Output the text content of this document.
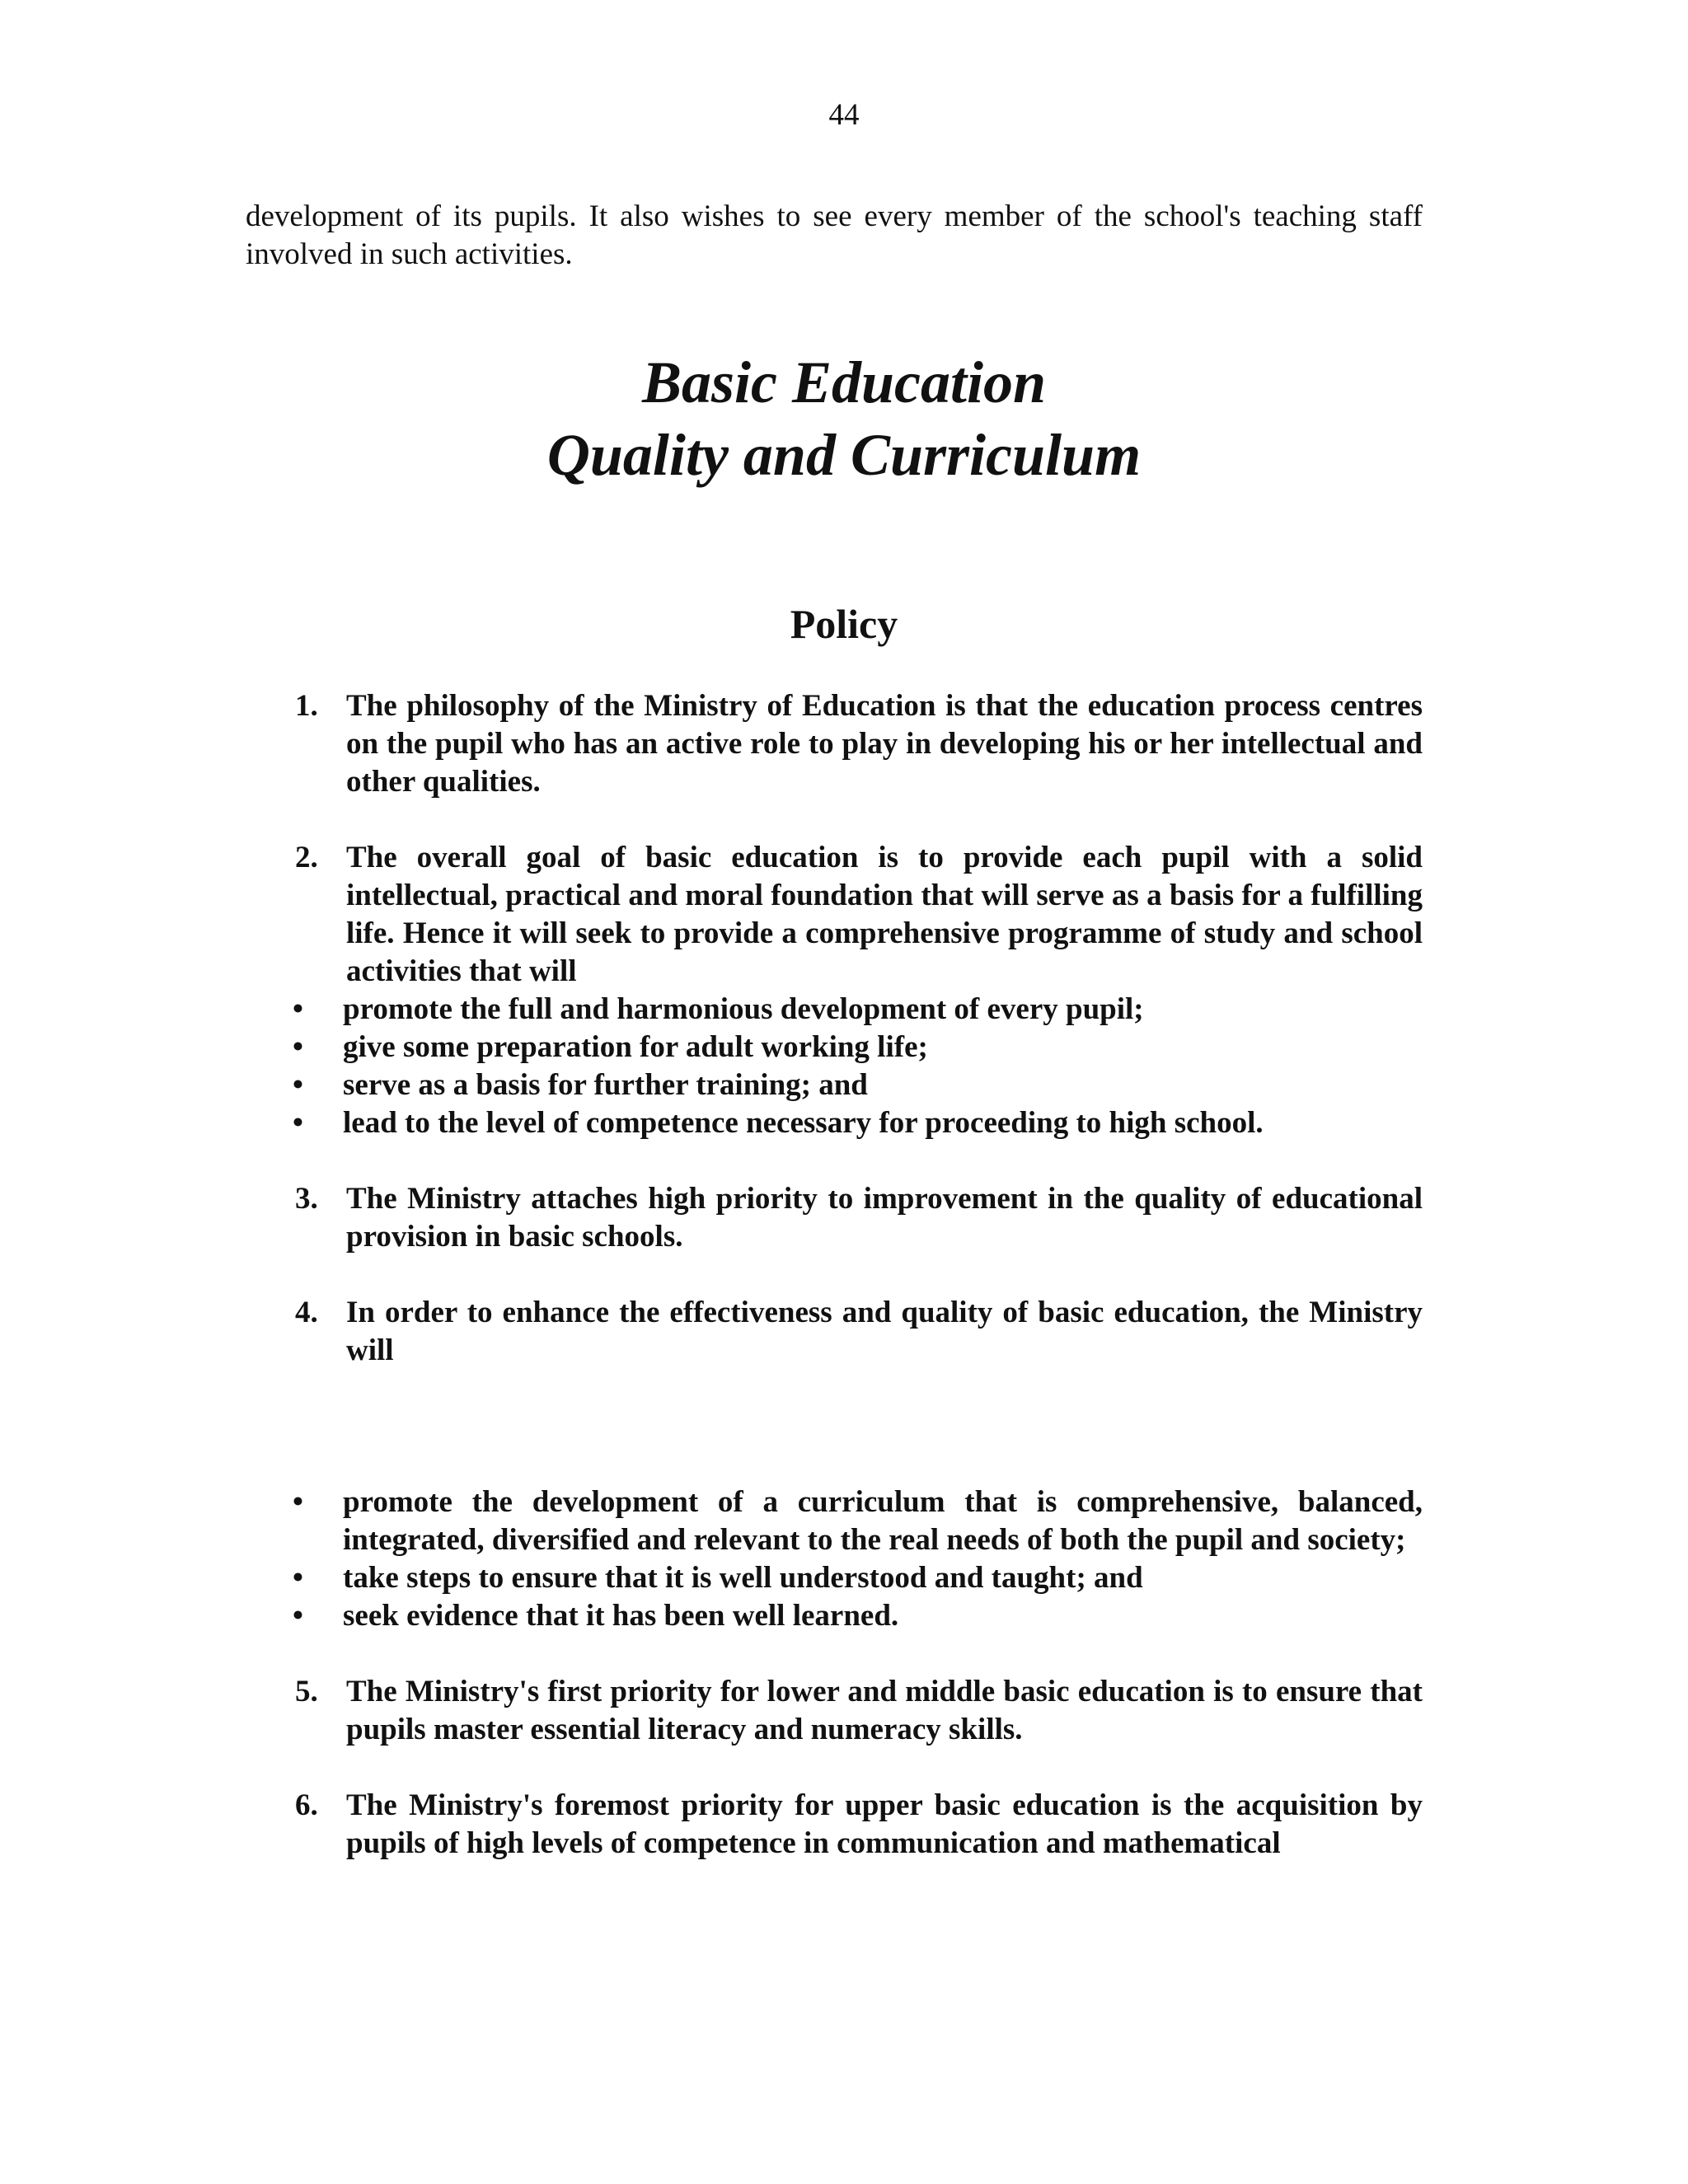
44
development of its pupils. It also wishes to see every member of the school's teaching staff involved in such activities.
Basic Education
Quality and Curriculum
Policy
1. The philosophy of the Ministry of Education is that the education process centres on the pupil who has an active role to play in developing his or her intellectual and other qualities.
2. The overall goal of basic education is to provide each pupil with a solid intellectual, practical and moral foundation that will serve as a basis for a fulfilling life. Hence it will seek to provide a comprehensive programme of study and school activities that will
• promote the full and harmonious development of every pupil;
• give some preparation for adult working life;
• serve as a basis for further training; and
• lead to the level of competence necessary for proceeding to high school.
3. The Ministry attaches high priority to improvement in the quality of educational provision in basic schools.
4. In order to enhance the effectiveness and quality of basic education, the Ministry will
• promote the development of a curriculum that is comprehensive, balanced, integrated, diversified and relevant to the real needs of both the pupil and society;
• take steps to ensure that it is well understood and taught; and
• seek evidence that it has been well learned.
5. The Ministry's first priority for lower and middle basic education is to ensure that pupils master essential literacy and numeracy skills.
6. The Ministry's foremost priority for upper basic education is the acquisition by pupils of high levels of competence in communication and mathematical
